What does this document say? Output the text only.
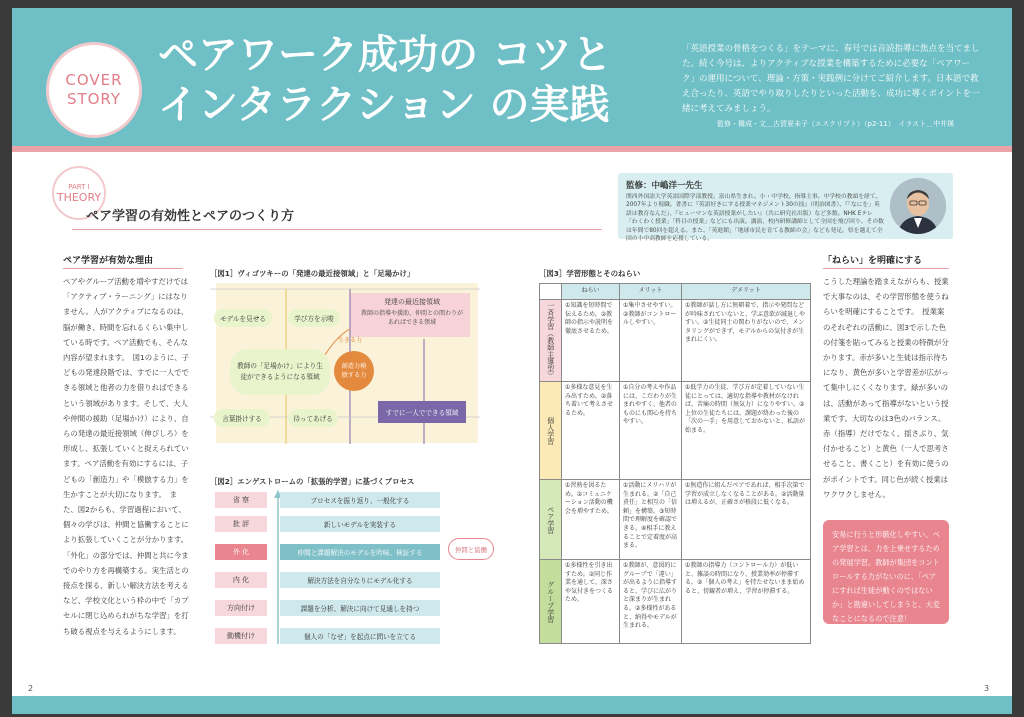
COVER
STORY
ペアワーク成功の コツと
インタラクション の実践
「英語授業の骨格をつくる」をテーマに、春号では音読指導に焦点を当てました。続く今号は、よりアクティブな授業を構築するために必要な「ペアワーク」の運用について、理論・方策・実践例に分けてご紹介します。日本語で教え合ったり、英語でやり取りしたりといった活動を、成功に導くポイントを一緒に考えてみましょう。
監修・構成・文＿古賀夏未子（エスクリプト）（p2-11）　イラスト＿中井瑛
PART I
THEORY
ペア学習の有効性とペアのつくり方
監修：中嶋洋一先生
関西外国語大学英語国際学部教授。富山県生まれ。小・中学校、指導主事、中学校の教頭を経て、2007年より現職。著書に『英語好きにする授業マネジメント30の技』（明治図書）、『「なにを」英語は教育なんだ』、『ヒューマンな英語授業がしたい』（共に研究社出版）など多数。NHK Eテレ「わくわく授業」「科目の授業」などにも出演。講演、校内研修講師として全国を飛び回り、その数は年間で80回を超える。また、「英進館」「地球市民を育てる教師の会」なども発足。県を越えて全国の小中高教師を応援している。
ペア学習が有効な理由
ペアやグループ活動を増やすだけでは「アクティブ・ラーニング」にはなりません。人がアクティブになるのは、脳が働き、時間を忘れるくらい集中している時です。ペア活動でも、そんな内容が望まれます。　図1のように、子どもの発達段階では、すでに一人でできる領域と他者の力を借りればできるという領域があります。そして、大人や仲間の援助（足場かけ）により、自らの発達の最近接領域（伸びしろ）を形成し、拡張していくと捉えられています。ペア活動を有効にするには、子どもの「創造力」や「模倣する力」を生かすことが大切になります。　また、図2からも、学習過程において、個々の学びは、仲間と協働することにより拡張していくことが分かります。「外化」の部分では、仲間と共に今までのやり方を再構築する。実生活との接点を探る、新しい解決方法を考えるなど、学校文化という枠の中で「カプセルに閉じ込められがちな学習」を打ち破る視点を与えるようにします。
［図1］ヴィゴツキーの「発達の最近接領域」と「足場かけ」
モデルを見せる	学び方を示唆
言葉掛けする	待ってあげる
教師の「足場かけ」により生徒ができるようになる領域
発達の最近接領域
教師の指導や援助、仲間との関わりがあればできる領域
生きる力
創造力模倣する力
すでに一人でできる領域
［図2］エンゲストロームの「拡張的学習」に基づくプロセス
省 察	プロセスを振り返り、一般化する
批 評	新しいモデルを実装する
外 化	仲間と課題解決のモデルを吟味、検証する
内 化	解決方法を自分なりにモデル化する
方向付け	課題を分析、解決に向けて見通しを持つ
動機付け	個人の「なぜ」を起点に問いを立てる
仲間と協働
［図3］学習形態とそのねらい
	ねらい	メリット	デメリット
一斉学習（教師主導型）	①知識を短時間で伝えるため。②教師の指示や説明を徹底させるため。	①集中させやすい。②教師がコントロールしやすい。	①教師が話し方に無頓着で、指示や発問などが吟味されていないと、学ぶ意欲が減退しやすい。②生徒同士の関わりがないので、メンタリングができず、モデルからの気付きが生まれにくい。
個人学習	①多様な意見を生み出すため。②落ち着いて考えさせるため。	①自分の考えや作品には、こだわりが生まれやすく、他者のものにも関心を持ちやすい。	①低学力の生徒、学び方が定着していない生徒にとっては、適切な指導や教材がなければ、苦痛の時間（無気力）になりやすい。②上位の生徒たちには、課題が終わった後の「次の一手」を用意しておかないと、私語が始まる。
ペア学習	①習熟を図るため。②コミュニケーション活動の機会を増やすため。	①活動にメリハリが生まれる。②「自己責任」と相互の「信頼」を構築。③短時間で理解度を確認できる。④相手に教えることで定着度が高まる。	①無造作に組んだペアであれば、相手次第で学習が成立しなくなることがある。②活動量は増えるが、正確さが格段に低くなる。
グループ学習	①多様性を引き出すため。②同じ作業を通して、深さや気付きをつくるため。	①教師が、意図的にグループで「違い」が出るように指導すると、学びに広がりと深まりが生まれる。②多様性があると、納得やモデルが生まれる。	①教師の指導力（コントロール力）が低いと、雑談の時間になり、授業効率が停滞する。②「個人の考え」を持たせないまま始めると、傍観者が増え、学習が停滞する。
「ねらい」を明確にする
こうした理論を踏まえながらも、授業で大事なのは、その学習形態を使うねらいを明確にすることです。　授業案のそれぞれの活動に、図3で示した色の付箋を貼ってみると授業の特徴が分かります。赤が多いと生徒は指示待ちになり、黄色が多いと学習差が広がって集中しにくくなります。緑が多いのは、活動があって指導がないという授業です。大切なのは3色のバランス。赤（指導）だけでなく、揺さぶり、気付かせること）と黄色（一人で思考させること、書くこと）を有効に使うのがポイントです。同じ色が続く授業はワクワクしません。
安易に行うと形骸化しやすい、ペア学習とは、力を上乗せするための発展学習。教師が集団をコントロールする力がないのに、「ペアにすれば生徒が動くのではないか」と勘違いしてしまうと、大変なことになるので注意！
2	3
